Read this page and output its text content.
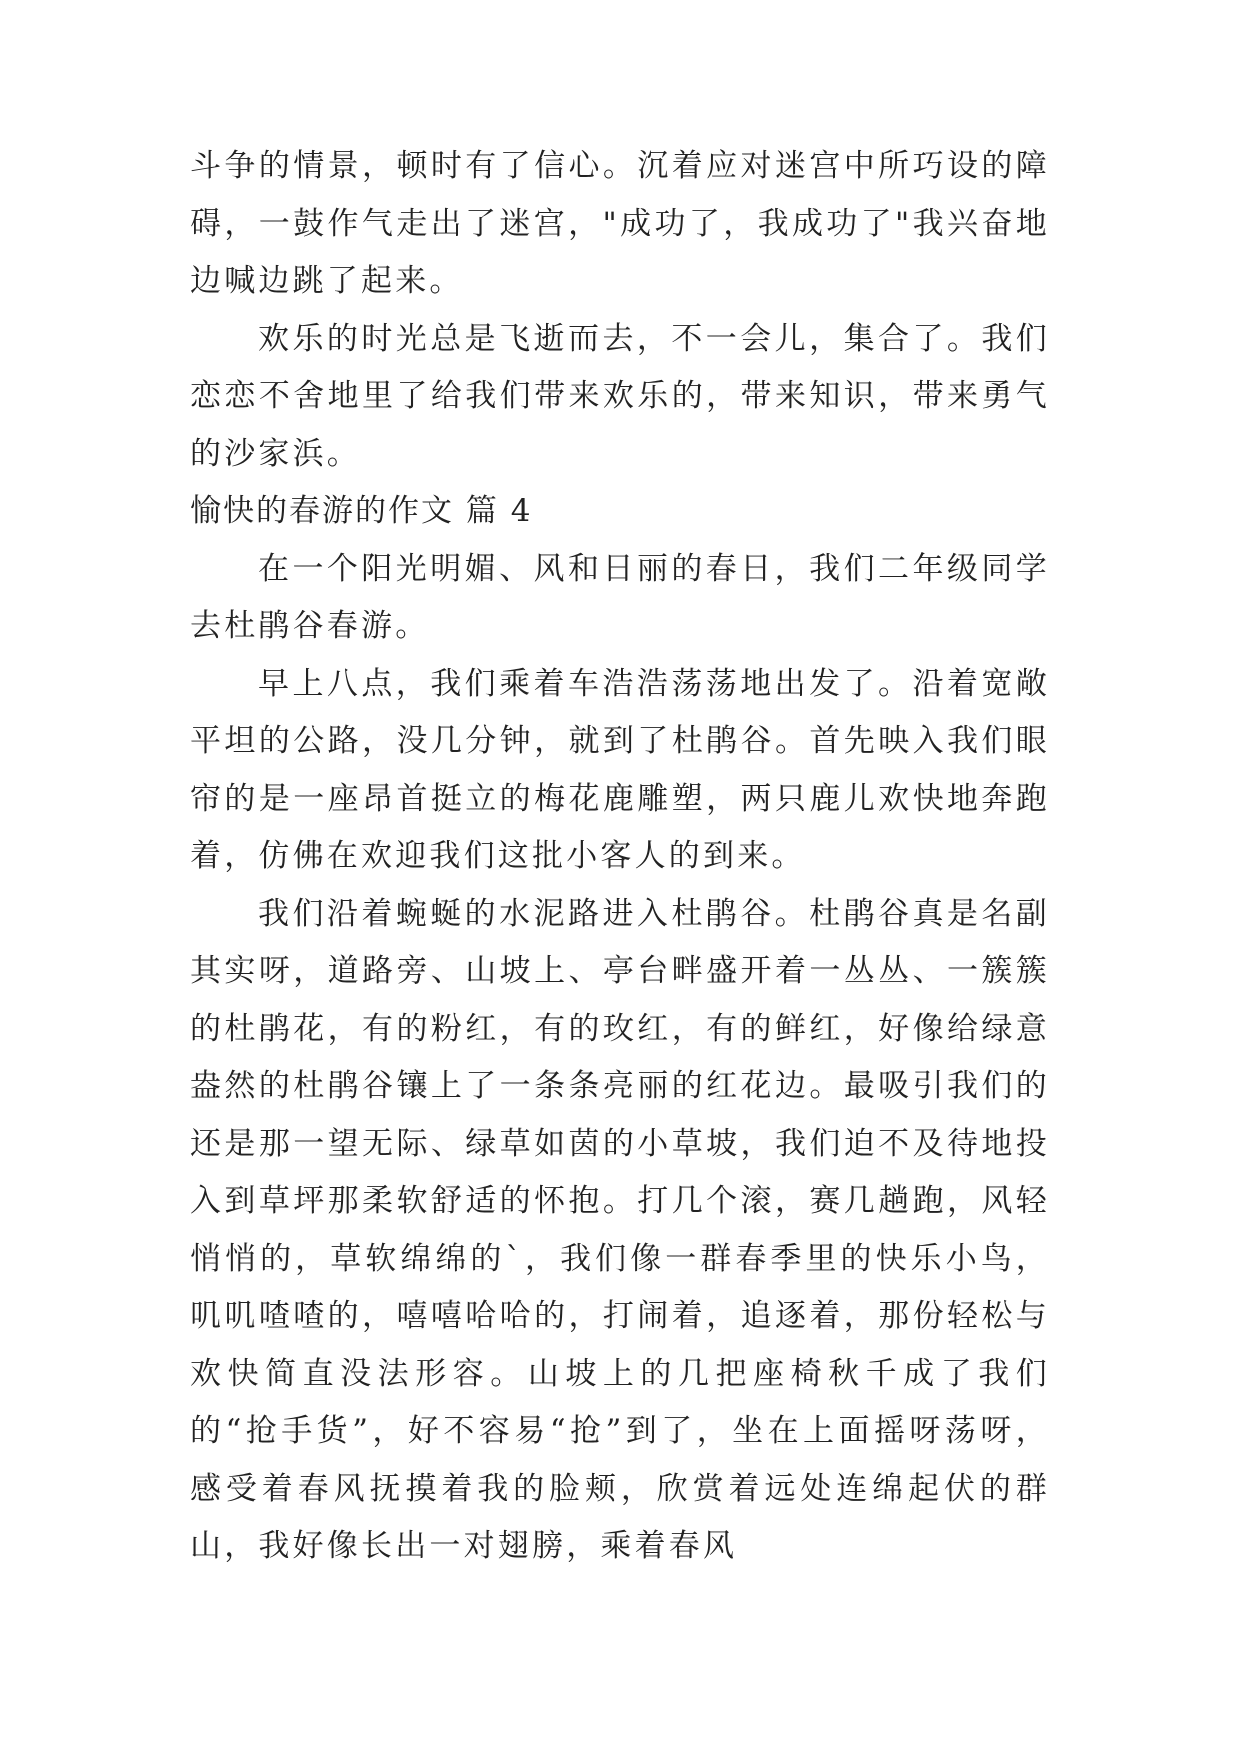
斗争的情景，顿时有了信心。沉着应对迷宫中所巧设的障碍，一鼓作气走出了迷宫，"成功了，我成功了"我兴奋地边喊边跳了起来。

欢乐的时光总是飞逝而去，不一会儿，集合了。我们恋恋不舍地里了给我们带来欢乐的，带来知识，带来勇气的沙家浜。

愉快的春游的作文 篇 4

在一个阳光明媚、风和日丽的春日，我们二年级同学去杜鹃谷春游。

早上八点，我们乘着车浩浩荡荡地出发了。沿着宽敞平坦的公路，没几分钟，就到了杜鹃谷。首先映入我们眼帘的是一座昂首挺立的梅花鹿雕塑，两只鹿儿欢快地奔跑着，仿佛在欢迎我们这批小客人的到来。

我们沿着蜿蜒的水泥路进入杜鹃谷。杜鹃谷真是名副其实呀，道路旁、山坡上、亭台畔盛开着一丛丛、一簇簇的杜鹃花，有的粉红，有的玫红，有的鲜红，好像给绿意盎然的杜鹃谷镶上了一条条亮丽的红花边。最吸引我们的还是那一望无际、绿草如茵的小草坡，我们迫不及待地投入到草坪那柔软舒适的怀抱。打几个滚，赛几趟跑，风轻悄悄的，草软绵绵的`，我们像一群春季里的快乐小鸟，叽叽喳喳的，嘻嘻哈哈的，打闹着，追逐着，那份轻松与欢快简直没法形容。山坡上的几把座椅秋千成了我们的“抢手货”，好不容易“抢”到了，坐在上面摇呀荡呀，感受着春风抚摸着我的脸颊，欣赏着远处连绵起伏的群山，我好像长出一对翅膀，乘着春风
